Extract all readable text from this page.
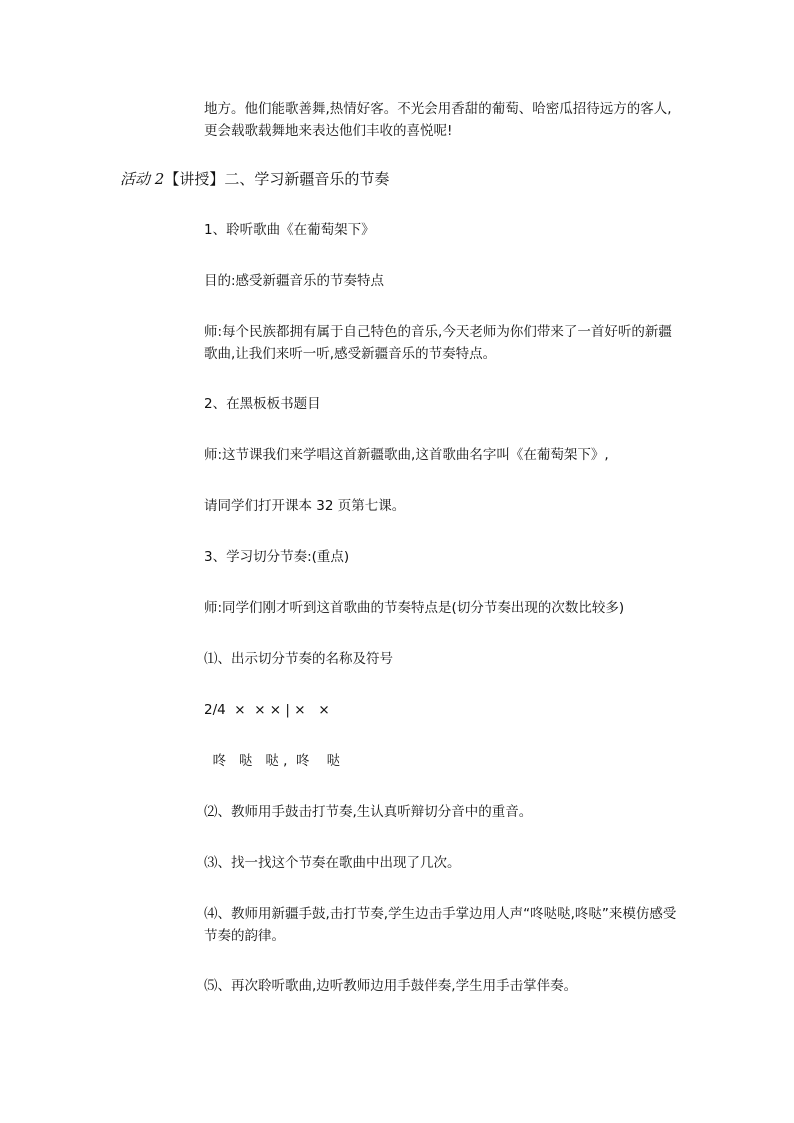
地方。他们能歌善舞,热情好客。不光会用香甜的葡萄、哈密瓜招待远方的客人,更会载歌载舞地来表达他们丰收的喜悦呢!

活动 2【讲授】二、学习新疆音乐的节奏

1、聆听歌曲《在葡萄架下》

目的:感受新疆音乐的节奏特点

师:每个民族都拥有属于自己特色的音乐,今天老师为你们带来了一首好听的新疆歌曲,让我们来听一听,感受新疆音乐的节奏特点。

2、在黑板板书题目

师:这节课我们来学唱这首新疆歌曲,这首歌曲名字叫《在葡萄架下》,

请同学们打开课本 32 页第七课。

3、学习切分节奏:(重点)

师:同学们刚才听到这首歌曲的节奏特点是(切分节奏出现的次数比较多)

⑴、出示切分节奏的名称及符号

2/4  ×  × × | ×   ×

咚   哒   哒 ,  咚    哒

⑵、教师用手鼓击打节奏,生认真听辩切分音中的重音。

⑶、找一找这个节奏在歌曲中出现了几次。

⑷、教师用新疆手鼓,击打节奏,学生边击手掌边用人声“咚哒哒,咚哒”来模仿感受节奏的韵律。

⑸、再次聆听歌曲,边听教师边用手鼓伴奏,学生用手击掌伴奏。
